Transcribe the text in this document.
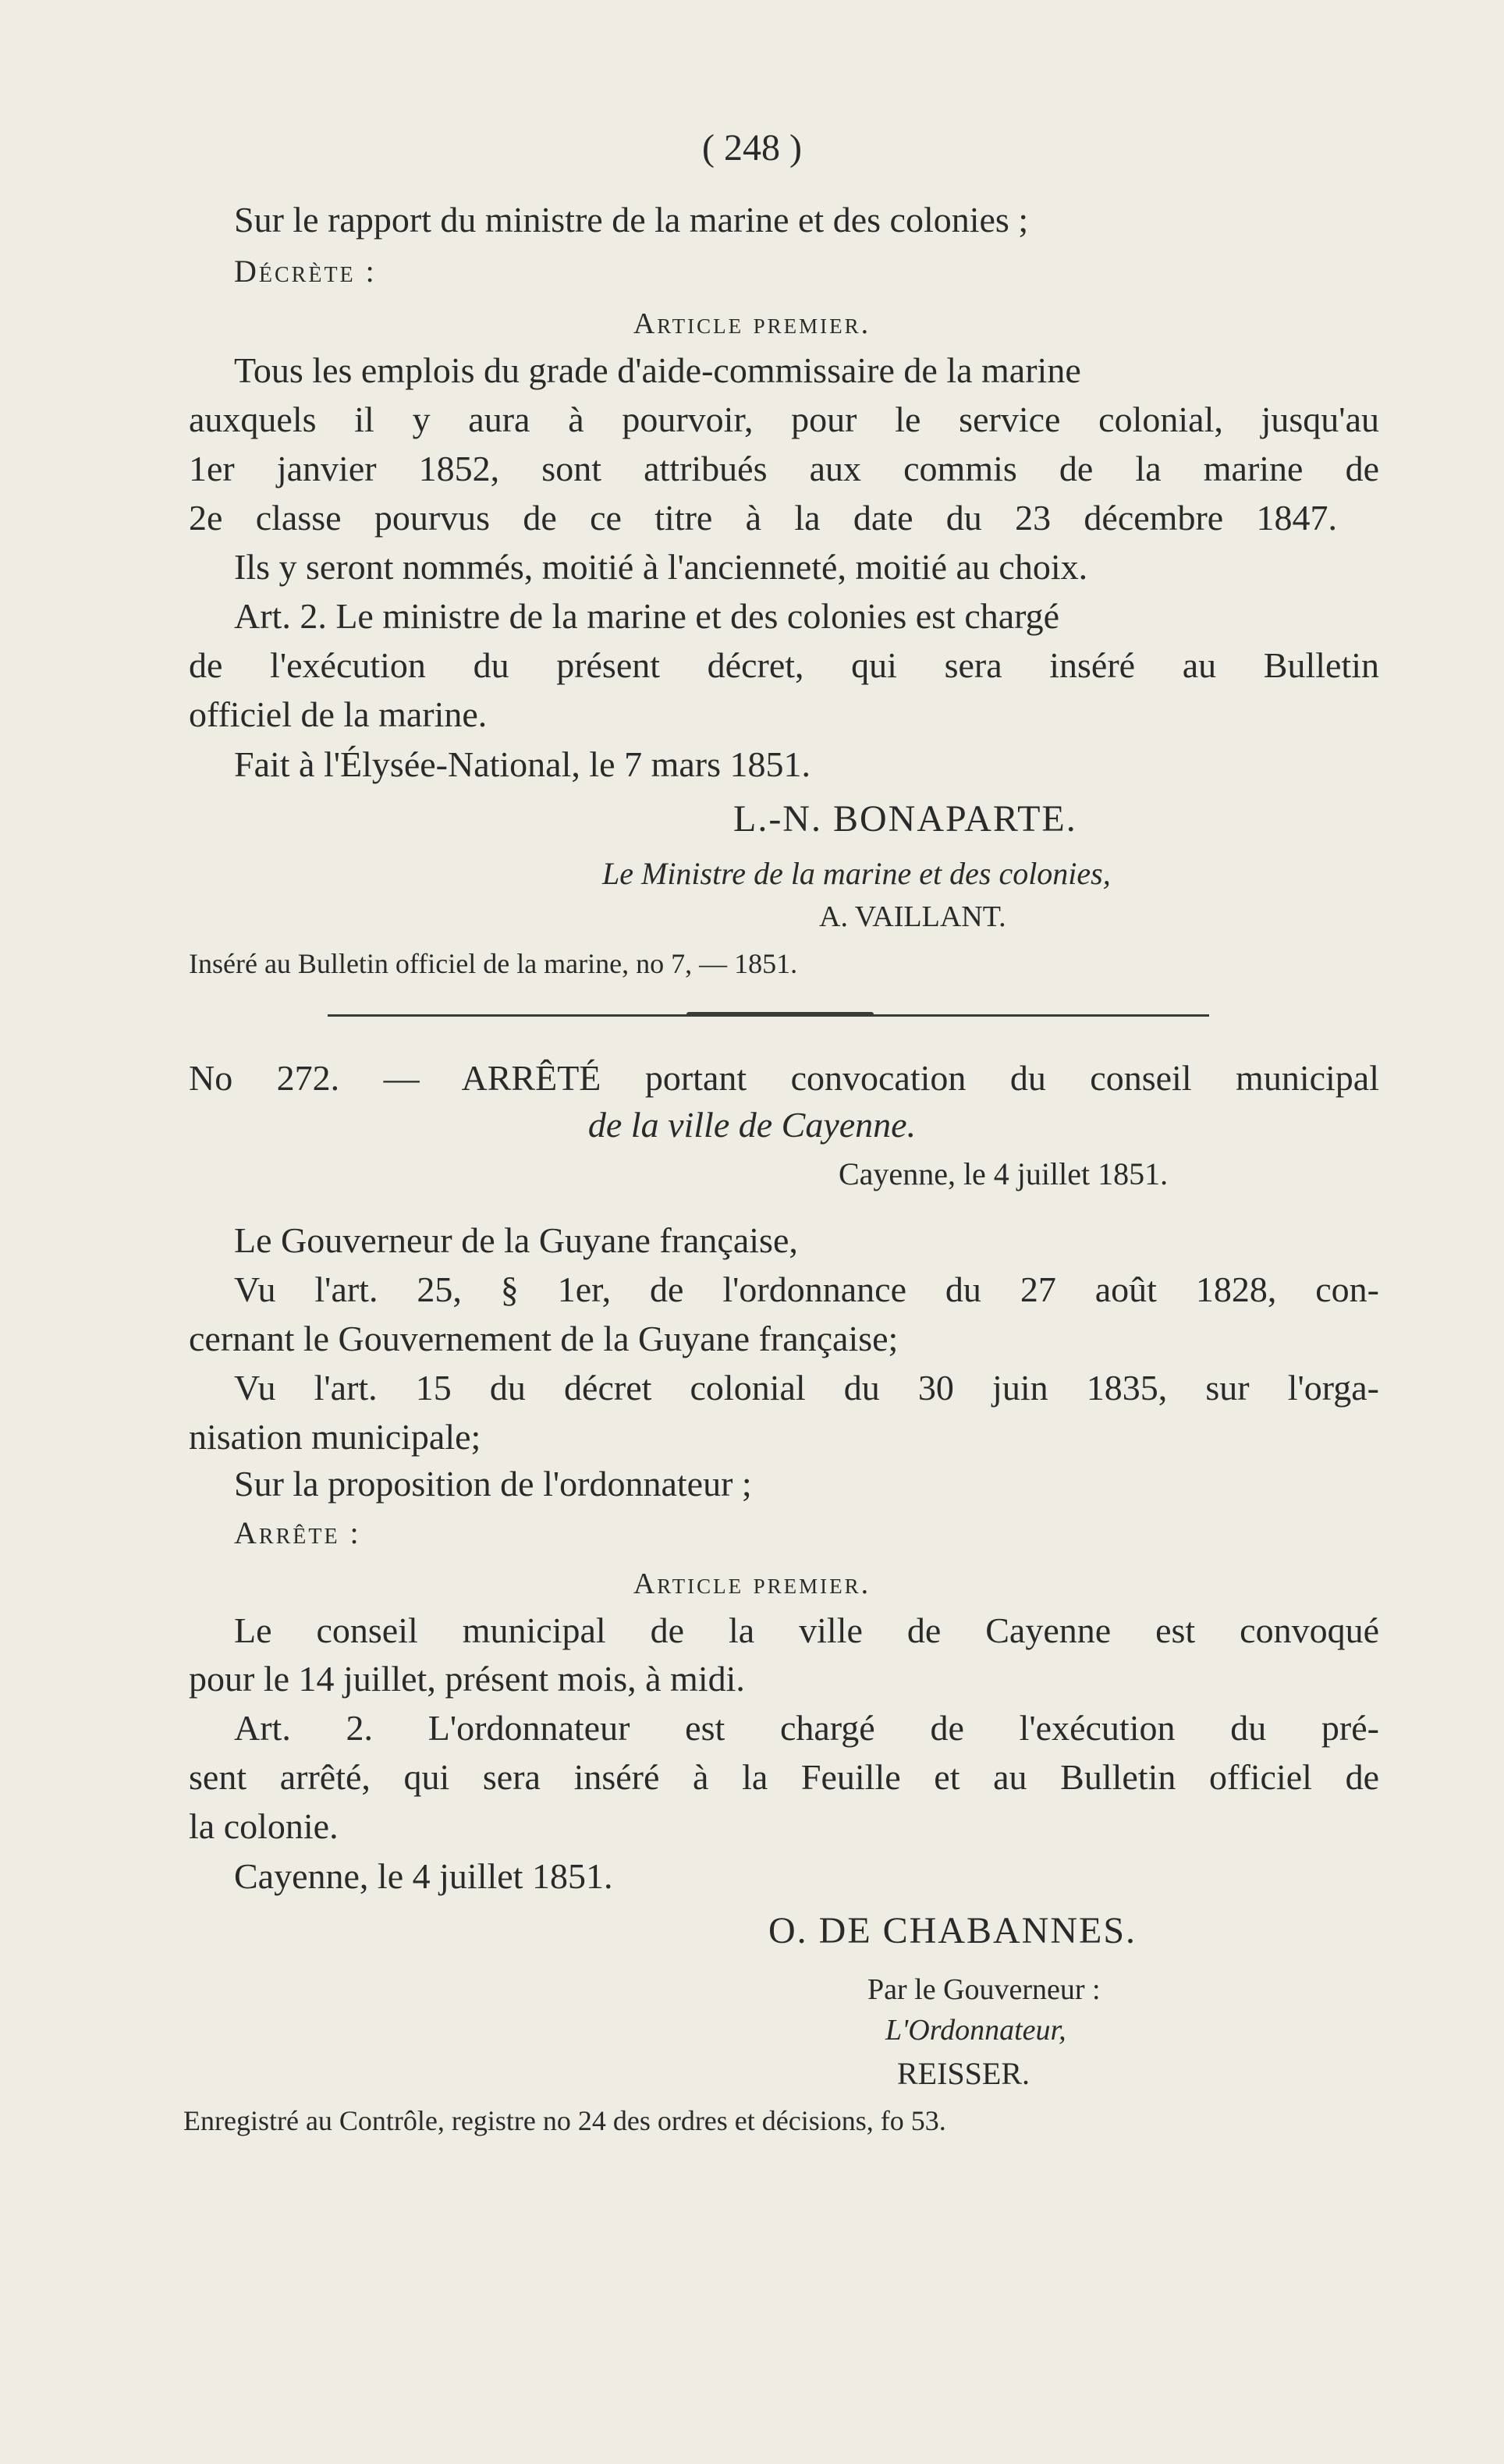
( 248 )
Sur le rapport du ministre de la marine et des colonies ;
Décrète :
Article premier.
Tous les emplois du grade d'aide-commissaire de la marine
auxquels il y aura à pourvoir, pour le service colonial, jusqu'au
1er janvier 1852, sont attribués aux commis de la marine de
2e classe pourvus de ce titre à la date du 23 décembre 1847.
Ils y seront nommés, moitié à l'ancienneté, moitié au choix.
Art. 2. Le ministre de la marine et des colonies est chargé
de l'exécution du présent décret, qui sera inséré au Bulletin
officiel de la marine.
Fait à l'Élysée-National, le 7 mars 1851.
L.-N. BONAPARTE.
Le Ministre de la marine et des colonies,
A. VAILLANT.
Inséré au Bulletin officiel de la marine, no 7, — 1851.
No 272. — ARRÊTÉ portant convocation du conseil municipal
de la ville de Cayenne.
Cayenne, le 4 juillet 1851.
Le Gouverneur de la Guyane française,
Vu l'art. 25, § 1er, de l'ordonnance du 27 août 1828, con-
cernant le Gouvernement de la Guyane française;
Vu l'art. 15 du décret colonial du 30 juin 1835, sur l'orga-
nisation municipale;
Sur la proposition de l'ordonnateur ;
Arrête :
Article premier.
Le conseil municipal de la ville de Cayenne est convoqué
pour le 14 juillet, présent mois, à midi.
Art. 2. L'ordonnateur est chargé de l'exécution du pré-
sent arrêté, qui sera inséré à la Feuille et au Bulletin officiel de
la colonie.
Cayenne, le 4 juillet 1851.
O. DE CHABANNES.
Par le Gouverneur :
L'Ordonnateur,
REISSER.
Enregistré au Contrôle, registre no 24 des ordres et décisions, fo 53.
